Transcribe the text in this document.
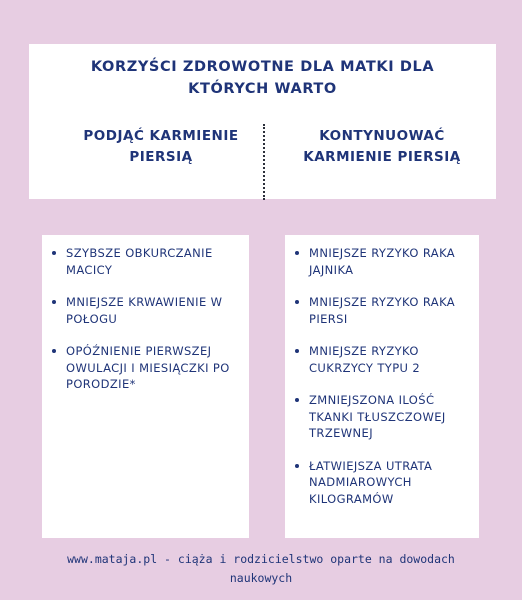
KORZYŚCI ZDROWOTNE DLA MATKI DLA
KTÓRYCH WARTO
PODJĄĆ KARMIENIE
PIERSIĄ
KONTYNUOWAĆ
KARMIENIE PIERSIĄ
SZYBSZE OBKURCZANIE
MACICY
MNIEJSZE KRWAWIENIE W
POŁOGU
OPÓŹNIENIE PIERWSZEJ
OWULACJI I MIESIĄCZKI PO
PORODZIE*
MNIEJSZE RYZYKO RAKA
JAJNIKA
MNIEJSZE RYZYKO RAKA
PIERSI
MNIEJSZE RYZYKO
CUKRZYCY TYPU 2
ZMNIEJSZONA ILOŚĆ
TKANKI TŁUSZCZOWEJ
TRZEWNEJ
ŁATWIEJSZA UTRATA
NADMIAROWYCH
KILOGRAMÓW
www.mataja.pl - ciąża i rodzicielstwo oparte na dowodach
naukowych
